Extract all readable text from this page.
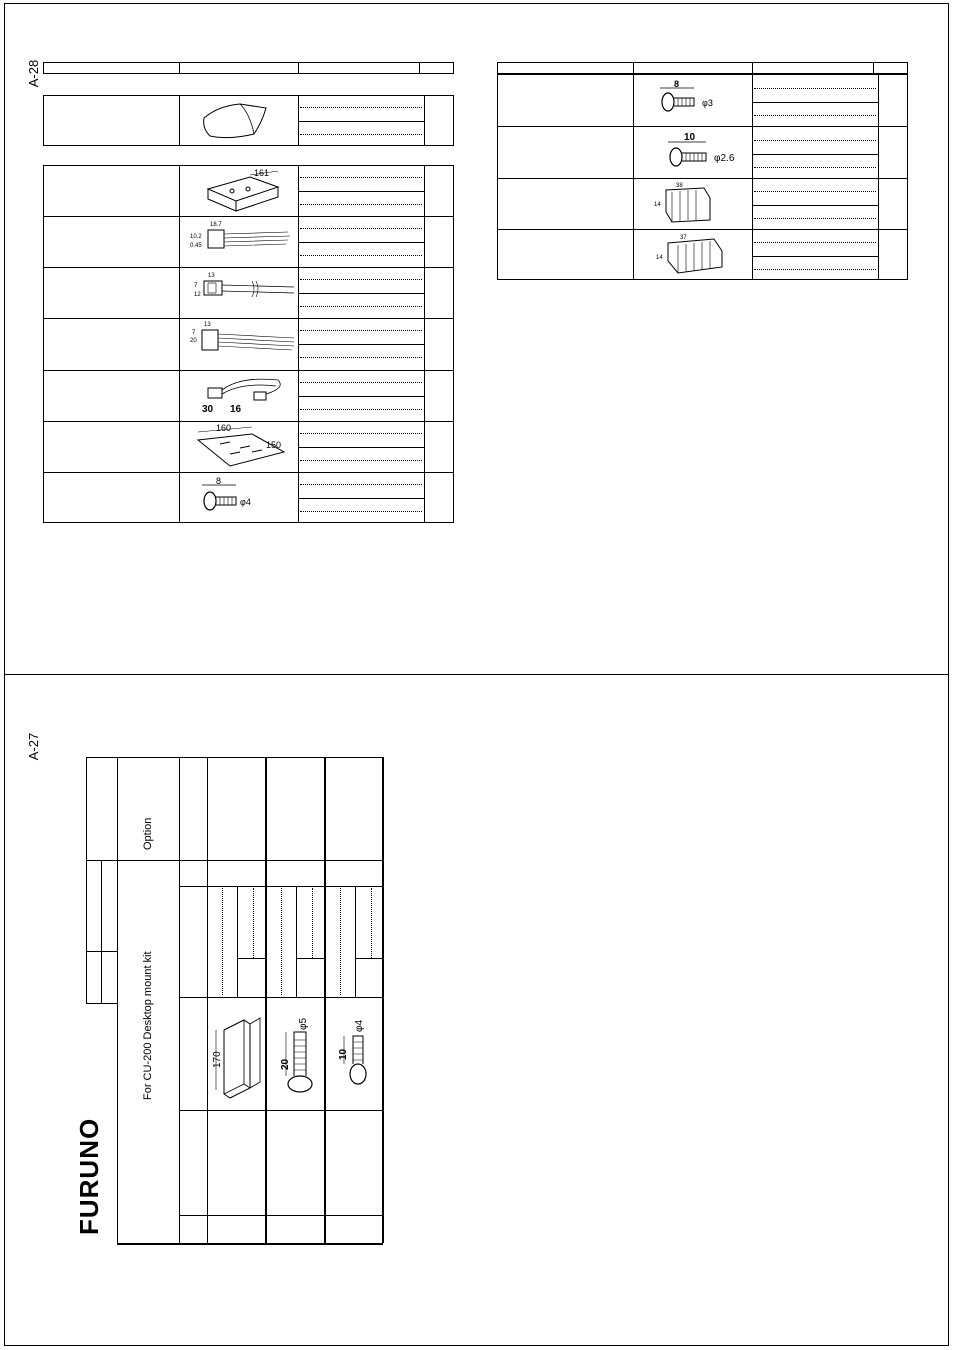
A-28
A-27
161
18.7
10.2
0.45
13
7
12
13
7
20
30 16
160
150
8
φ4
8
φ3
10
φ2.6
38
14
37
14
Option
For CU-200 Desktop mount kit	170	20
φ5
10
φ4
FURUNO
